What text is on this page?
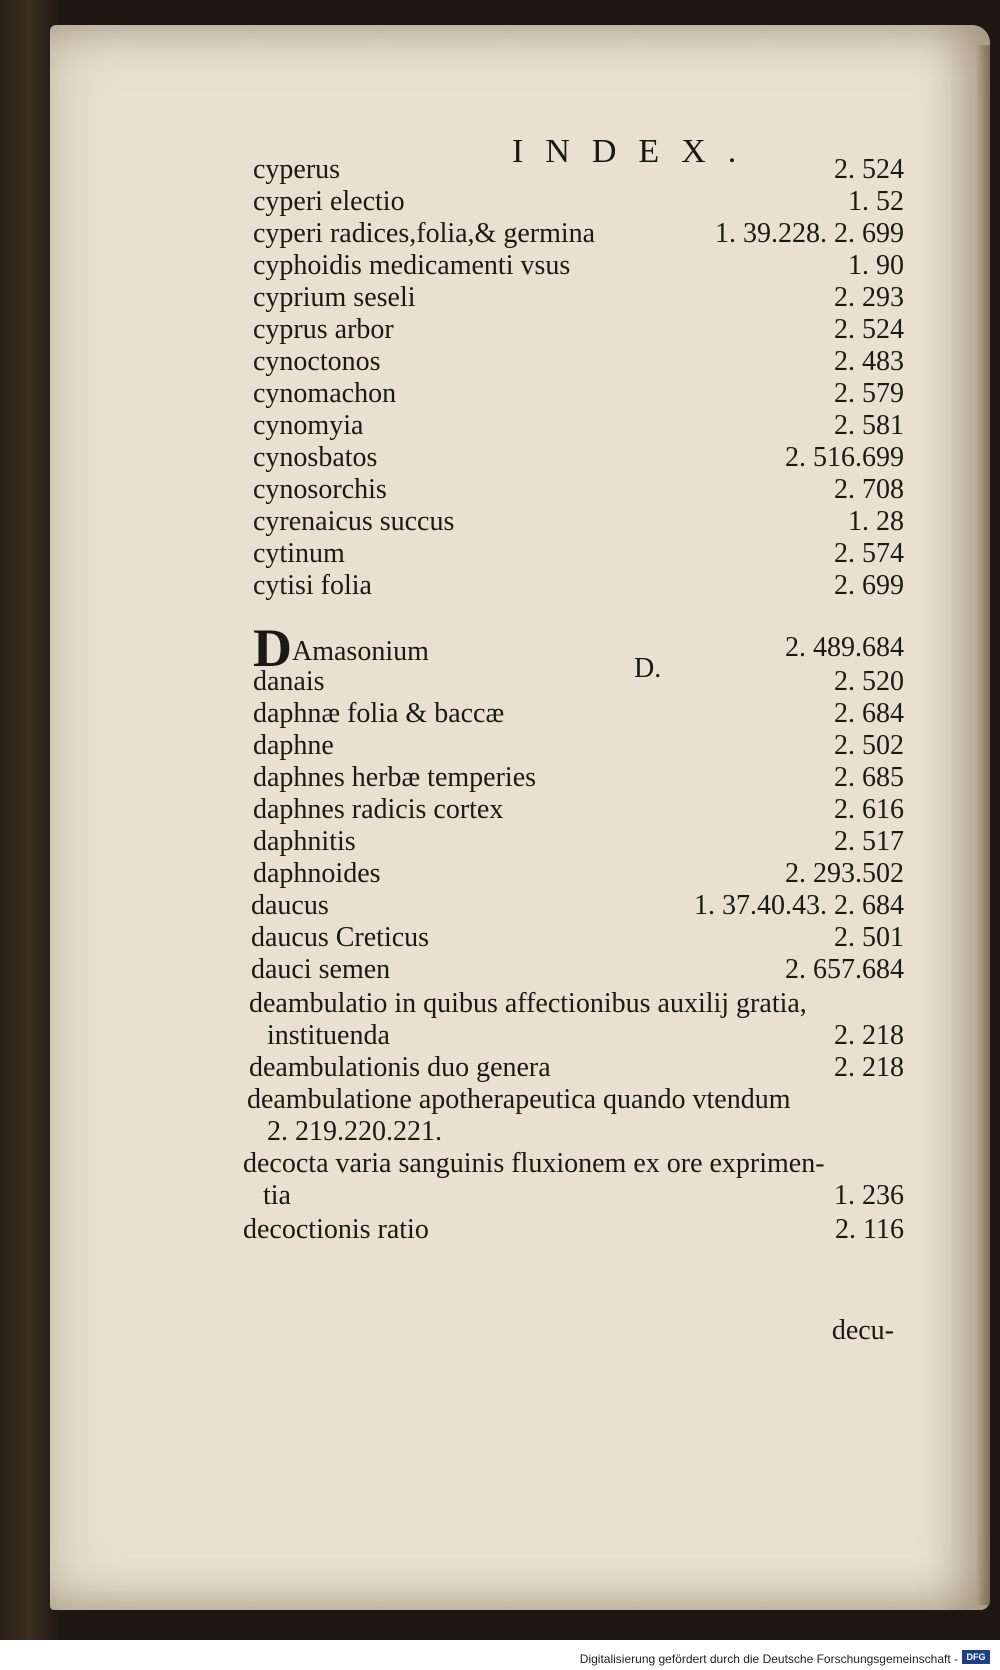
INDEX.
D.
cyperus	2. 524
cyperi electio	1. 52
cyperi radices,folia,& germina	1. 39.228. 2. 699
cyphoidis medicamenti vsus	1. 90
cyprium seseli	2. 293
cyprus arbor	2. 524
cynoctonos	2. 483
cynomachon	2. 579
cynomyia	2. 581
cynosbatos	2. 516.699
cynosorchis	2. 708
cyrenaicus succus	1. 28
cytinum	2. 574
cytisi folia	2. 699
DAmasonium	2. 489.684
danais	2. 520
daphnæ folia & baccæ	2. 684
daphne	2. 502
daphnes herbæ temperies	2. 685
daphnes radicis cortex	2. 616
daphnitis	2. 517
daphnoides	2. 293.502
daucus	1. 37.40.43. 2. 684
daucus Creticus	2. 501
dauci semen	2. 657.684
deambulatio in quibus affectionibus auxilij gratia,
instituenda	2. 218
deambulationis duo genera	2. 218
deambulatione apotherapeutica quando vtendum
2. 219.220.221.
decocta varia sanguinis fluxionem ex ore exprimen-
tia	1. 236
decoctionis ratio	2. 116
decu-
Digitalisierung gefördert durch die Deutsche Forschungsgemeinschaft - DFG
